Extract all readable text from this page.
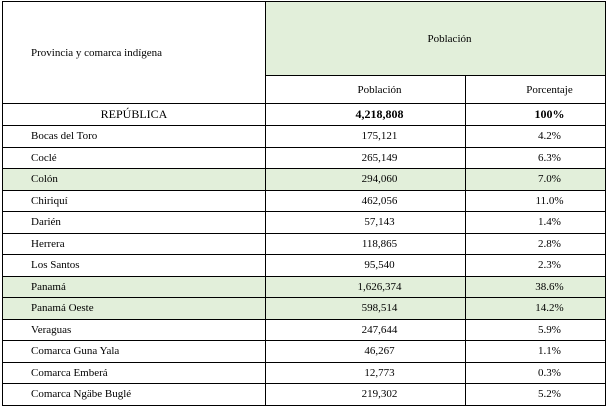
Provincia y comarca indígena	Población	
	Población	Porcentaje
REPÚBLICA	4,218,808	100%
Bocas del Toro	175,121	4.2%
Coclé	265,149	6.3%
Colón	294,060	7.0%
Chiriquí	462,056	11.0%
Darién	57,143	1.4%
Herrera	118,865	2.8%
Los Santos	95,540	2.3%
Panamá	1,626,374	38.6%
Panamá Oeste	598,514	14.2%
Veraguas	247,644	5.9%
Comarca Guna Yala	46,267	1.1%
Comarca Emberá	12,773	0.3%
Comarca Ngäbe Buglé	219,302	5.2%
